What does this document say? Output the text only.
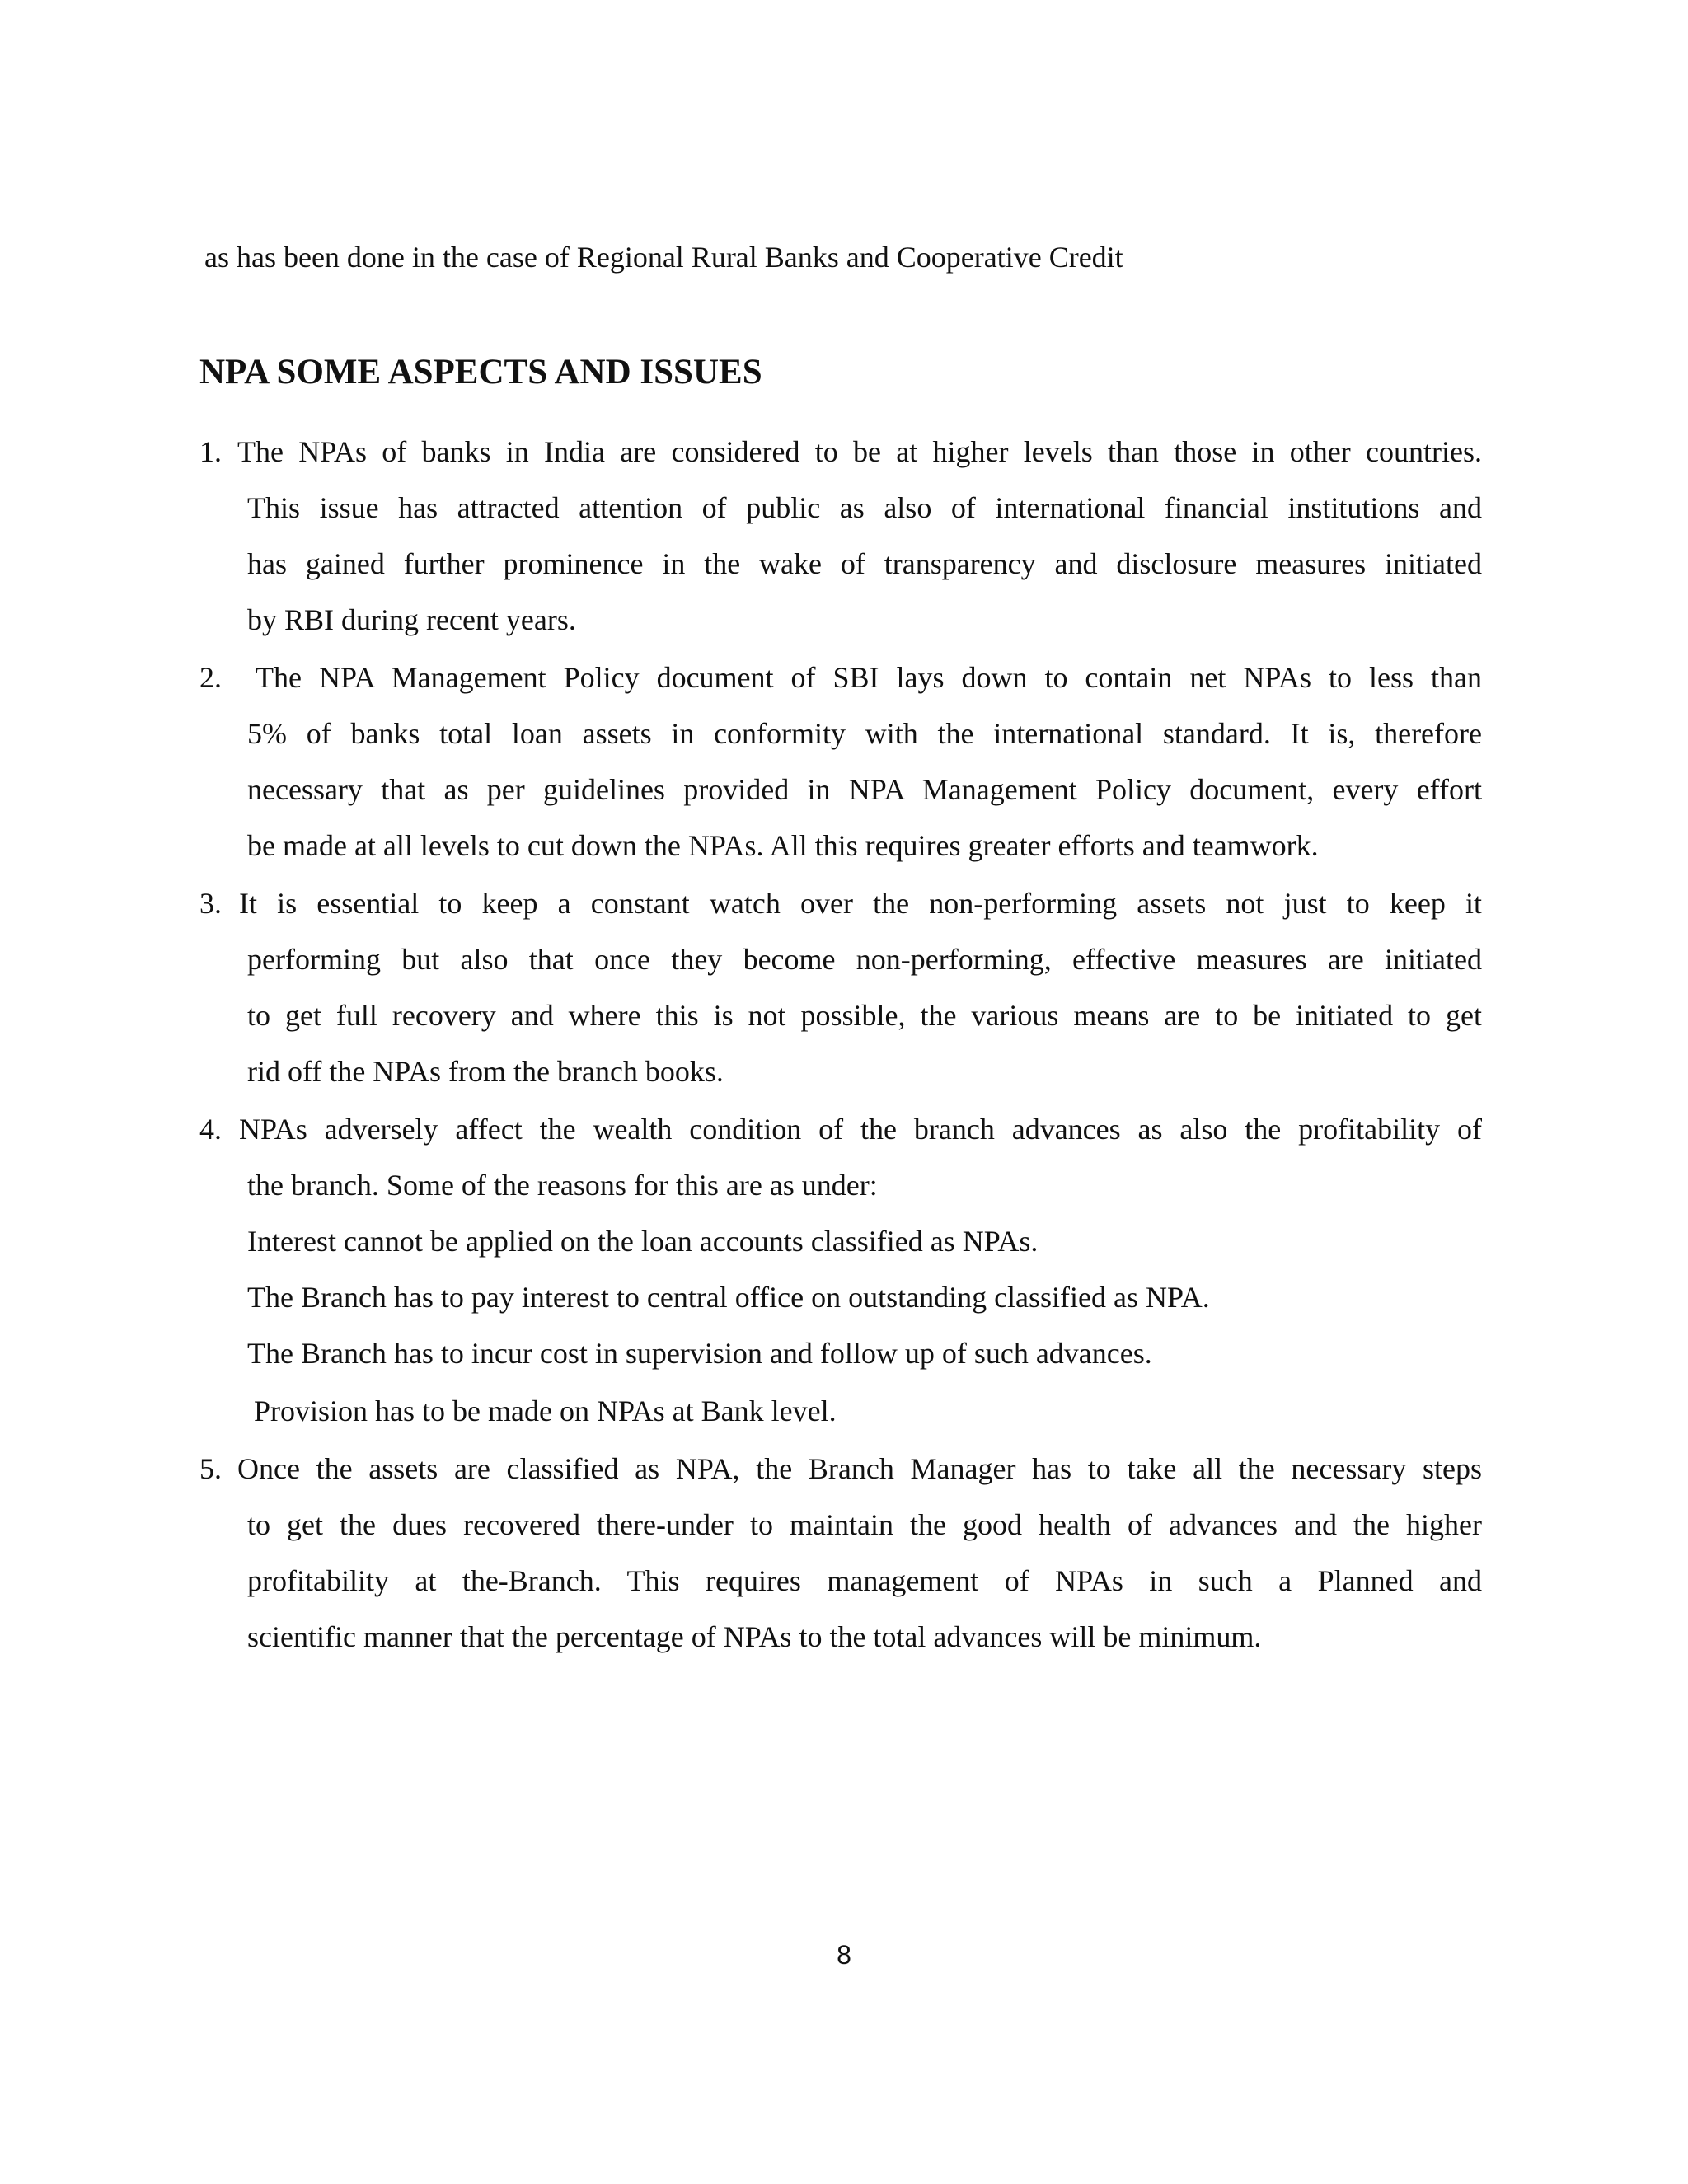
as has been done in the case of Regional Rural Banks and Cooperative Credit
NPA SOME ASPECTS AND ISSUES
1. The NPAs of banks in India are considered to be at higher levels than those in other countries.
This issue has attracted attention of public as also of international financial institutions and
has gained further prominence in the wake of transparency and disclosure measures initiated
by RBI during recent years.
2. The NPA Management Policy document of SBI lays down to contain net NPAs to less than
5% of banks total loan assets in conformity with the international standard. It is, therefore
necessary that as per guidelines provided in NPA Management Policy document, every effort
be made at all levels to cut down the NPAs. All this requires greater efforts and teamwork.
3. It is essential to keep a constant watch over the non-performing assets not just to keep it
performing but also that once they become non-performing, effective measures are initiated
to get full recovery and where this is not possible, the various means are to be initiated to get
rid off the NPAs from the branch books.
4. NPAs adversely affect the wealth condition of the branch advances as also the profitability of
the branch. Some of the reasons for this are as under:
Interest cannot be applied on the loan accounts classified as NPAs.
The Branch has to pay interest to central office on outstanding classified as NPA.
The Branch has to incur cost in supervision and follow up of such advances.
Provision has to be made on NPAs at Bank level.
5. Once the assets are classified as NPA, the Branch Manager has to take all the necessary steps
to get the dues recovered there-under to maintain the good health of advances and the higher
profitability at the-Branch. This requires management of NPAs in such a Planned and
scientific manner that the percentage of NPAs to the total advances will be minimum.
8
